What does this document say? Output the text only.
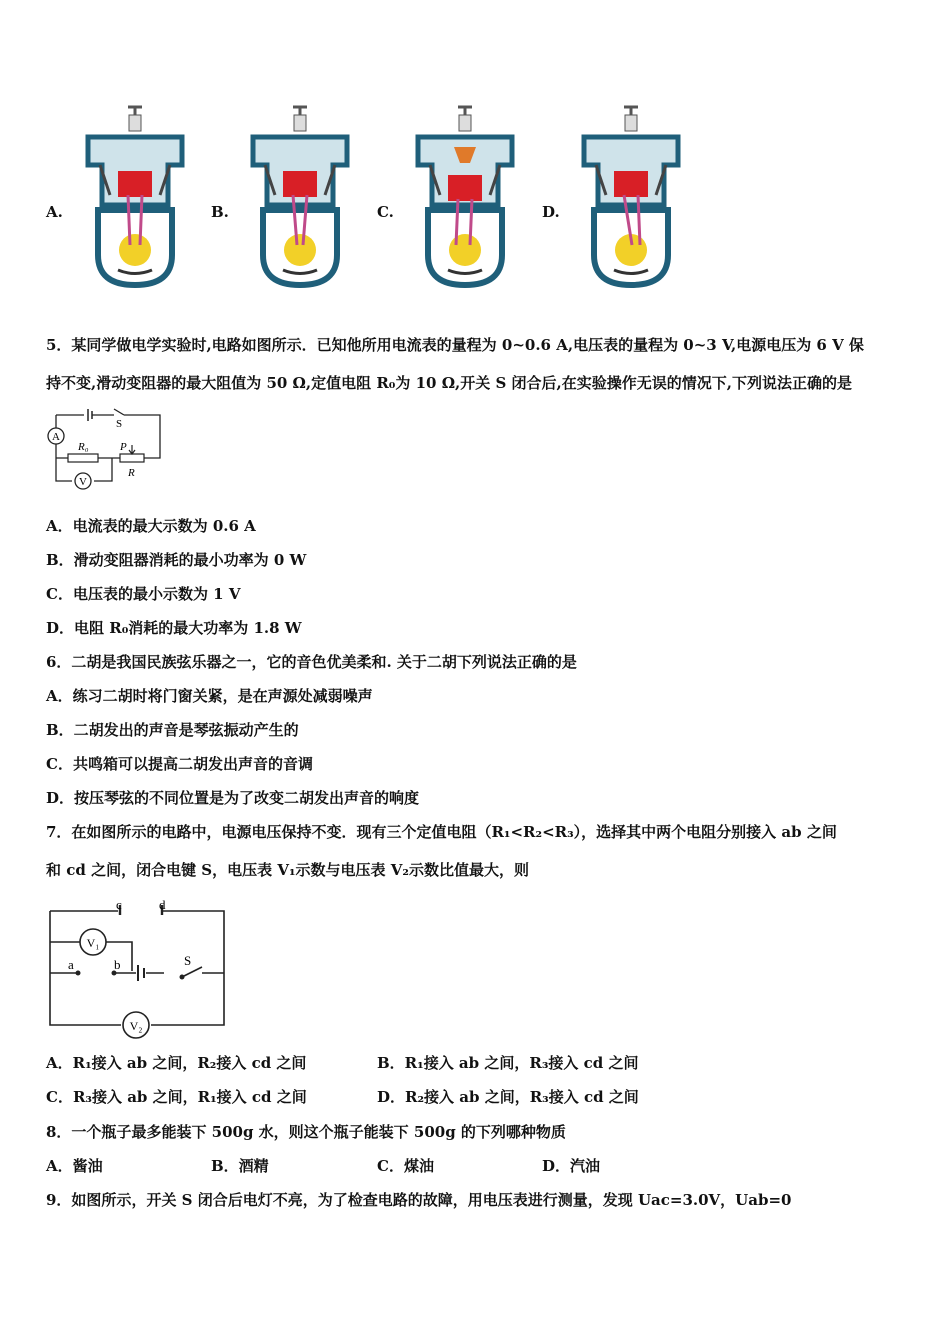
A.	B.	C.	D.
5．某同学做电学实验时,电路如图所示．已知他所用电流表的量程为 0~0.6 A,电压表的量程为 0~3 V,电源电压为 6 V 保
持不变,滑动变阻器的最大阻值为 50 Ω,定值电阻 R₀为 10 Ω,开关 S 闭合后,在实验操作无误的情况下,下列说法正确的是
A
V
S
R₀	P
R
A．电流表的最大示数为 0.6 A
B．滑动变阻器消耗的最小功率为 0 W
C．电压表的最小示数为 1 V
D．电阻 R₀消耗的最大功率为 1.8 W
6．二胡是我国民族弦乐器之一，它的音色优美柔和. 关于二胡下列说法正确的是
A．练习二胡时将门窗关紧，是在声源处减弱噪声
B．二胡发出的声音是琴弦振动产生的
C．共鸣箱可以提高二胡发出声音的音调
D．按压琴弦的不同位置是为了改变二胡发出声音的响度
7．在如图所示的电路中，电源电压保持不变．现有三个定值电阻（R₁<R₂<R₃），选择其中两个电阻分别接入 ab 之间
和 cd 之间，闭合电键 S，电压表 V₁示数与电压表 V₂示数比值最大，则
c	d
a	b	S
V₁
V₂
A．R₁接入 ab 之间，R₂接入 cd 之间	B．R₁接入 ab 之间，R₃接入 cd 之间
C．R₃接入 ab 之间，R₁接入 cd 之间	D．R₂接入 ab 之间，R₃接入 cd 之间
8．一个瓶子最多能装下 500g 水，则这个瓶子能装下 500g 的下列哪种物质
A．酱油	B．酒精	C．煤油	D．汽油
9．如图所示，开关 S 闭合后电灯不亮，为了检查电路的故障，用电压表进行测量，发现 Uac=3.0V，Uab=0
